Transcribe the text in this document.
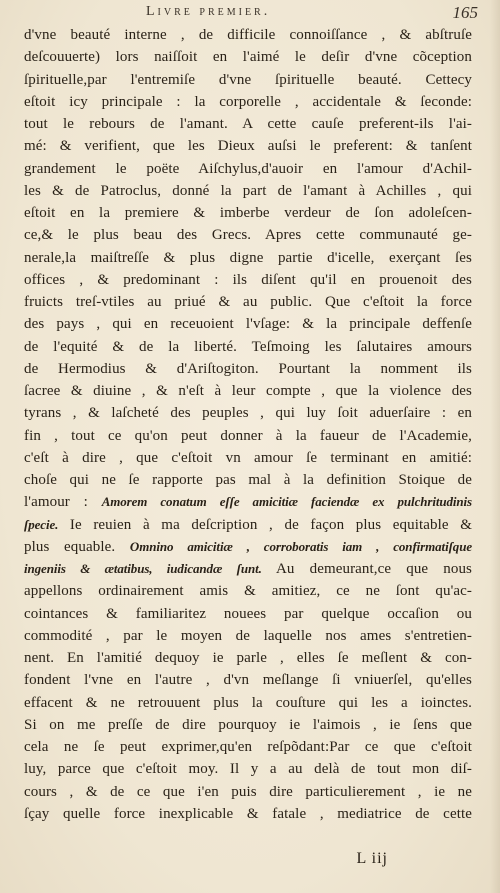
Livre premier.	165
d'vne beauté interne , de difficile connoiſſance , & abſtruſe
deſcouuerte) lors naiſſoit en l'aimé le deſir d'vne cõception
ſpirituelle,par l'entremiſe d'vne ſpirituelle beauté. Cettecy
eſtoit icy principale : la corporelle , accidentale & ſeconde:
tout le rebours de l'amant. A cette cauſe preferent-ils l'ai-
mé: & verifient, que les Dieux auſsi le preferent: & tanſent
grandement le poëte Aiſchylus,d'auoir en l'amour d'Achil-
les & de Patroclus, donné la part de l'amant à Achilles , qui
eſtoit en la premiere & imberbe verdeur de ſon adoleſcen-
ce,& le plus beau des Grecs. Apres cette communauté ge-
nerale,la maiſtreſſe & plus digne partie d'icelle, exerçant ſes
offices , & predominant : ils diſent qu'il en prouenoit des
fruicts treſ-vtiles au priué & au public. Que c'eſtoit la force
des pays , qui en receuoient l'vſage: & la principale deffenſe
de l'equité & de la liberté. Teſmoing les ſalutaires amours
de Hermodius & d'Ariſtogiton. Pourtant la nomment ils
ſacree & diuine , & n'eſt à leur compte , que la violence des
tyrans , & laſcheté des peuples , qui luy ſoit aduerſaire : en
fin , tout ce qu'on peut donner à la faueur de l'Academie,
c'eſt à dire , que c'eſtoit vn amour ſe terminant en amitié:
choſe qui ne ſe rapporte pas mal à la definition Stoique de
l'amour : Amorem conatum eſſe amicitiæ faciendæ ex pulchritudinis
ſpecie. Ie reuien à ma deſcription , de façon plus equitable &
plus equable. Omnino amicitiæ , corroboratis iam , confirmatiſque
ingeniis & ætatibus, iudicandæ ſunt. Au demeurant,ce que nous
appellons ordinairement amis & amitiez, ce ne ſont qu'ac-
cointances & familiaritez nouees par quelque occaſion ou
commodité , par le moyen de laquelle nos ames s'entretien-
nent. En l'amitié dequoy ie parle , elles ſe meſlent & con-
fondent l'vne en l'autre , d'vn meſlange ſi vniuerſel, qu'elles
effacent & ne retrouuent plus la couſture qui les a ioinctes.
Si on me preſſe de dire pourquoy ie l'aimois , ie ſens que
cela ne ſe peut exprimer,qu'en reſpõdant:Par ce que c'eſtoit
luy, parce que c'eſtoit moy. Il y a au delà de tout mon diſ-
cours , & de ce que i'en puis dire particulierement , ie ne
ſçay quelle force inexplicable & fatale , mediatrice de cette
L iij
